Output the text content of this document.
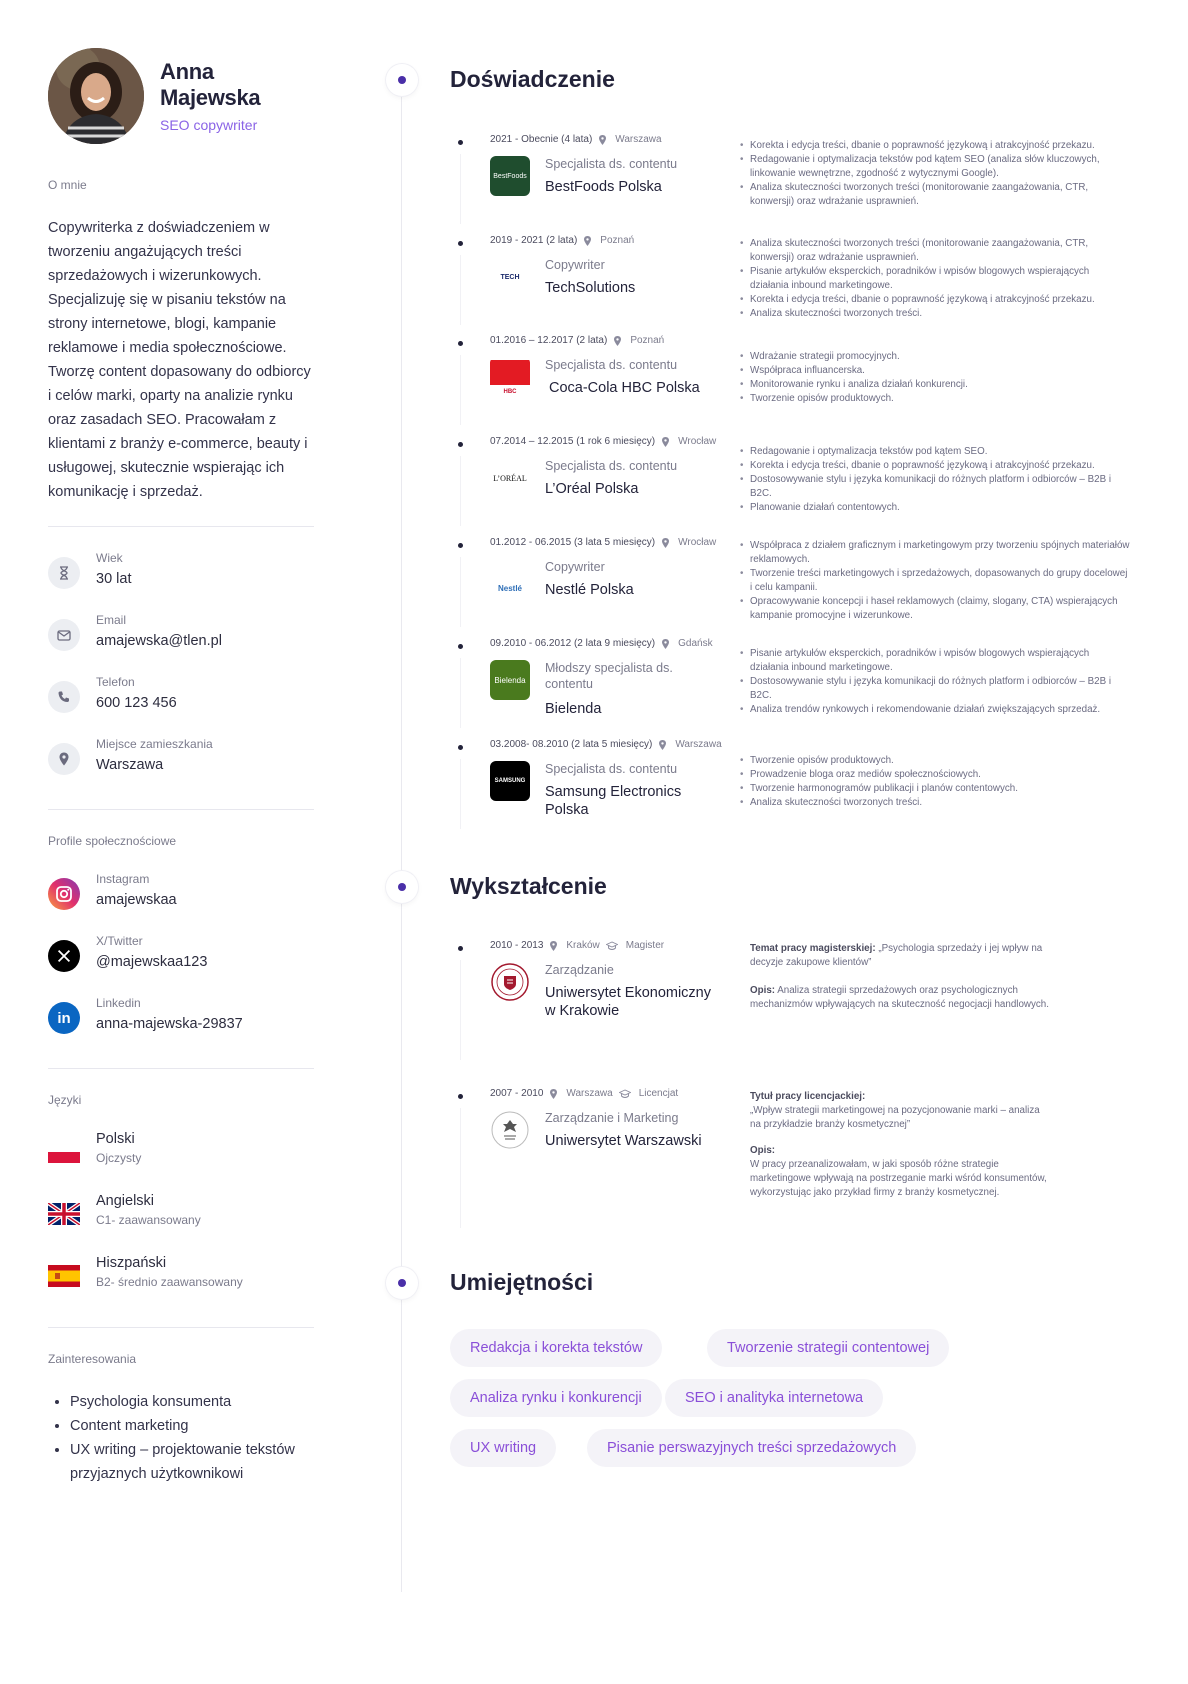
Anna Majewska
SEO copywriter
O mnie

Copywriterka z doświadczeniem w tworzeniu angażujących treści sprzedażowych i wizerunkowych. Specjalizuję się w pisaniu tekstów na strony internetowe, blogi, kampanie reklamowe i media społecznościowe. Tworzę content dopasowany do odbiorcy i celów marki, oparty na analizie rynku oraz zasadach SEO. Pracowałam z klientami z branży e-commerce, beauty i usługowej, skutecznie wspierając ich komunikację i sprzedaż.

Wiek
30 lat
Email
amajewska@tlen.pl
Telefon
600 123 456
Miejsce zamieszkania
Warszawa
Profile społecznościowe
Instagram
amajewskaa
X/Twitter
@majewskaa123
in
Linkedin
anna-majewska-29837
Języki
Polski
Ojczysty
Angielski
C1- zaawansowany
Hiszpański
B2- średnio zaawansowany
Zainteresowania
• Psychologia konsumenta
• Content marketing
• UX writing – projektowanie tekstów przyjaznych użytkownikowi
Doświadczenie
2021 - Obecnie (4 lata) Warszawa
BestFoods
Specjalista ds. contentu
BestFoods Polska
• Korekta i edycja treści, dbanie o poprawność językową i atrakcyjność przekazu.
• Redagowanie i optymalizacja tekstów pod kątem SEO (analiza słów kluczowych, linkowanie wewnętrzne, zgodność z wytycznymi Google).
• Analiza skuteczności tworzonych treści (monitorowanie zaangażowania, CTR, konwersji) oraz wdrażanie usprawnień.
2019 - 2021 (2 lata) Poznań
TECH
Copywriter
TechSolutions
• Analiza skuteczności tworzonych treści (monitorowanie zaangażowania, CTR, konwersji) oraz wdrażanie usprawnień.
• Pisanie artykułów eksperckich, poradników i wpisów blogowych wspierających działania inbound marketingowe.
• Korekta i edycja treści, dbanie o poprawność językową i atrakcyjność przekazu.
• Analiza skuteczności tworzonych treści.
01.2016 – 12.2017 (2 lata) Poznań
HBC
Specjalista ds. contentu
Coca-Cola HBC Polska
• Wdrażanie strategii promocyjnych.
• Współpraca influancerska.
• Monitorowanie rynku i analiza działań konkurencji.
• Tworzenie opisów produktowych.
07.2014 – 12.2015 (1 rok 6 miesięcy) Wrocław
L’ORÉAL
Specjalista ds. contentu
L’Oréal Polska
• Redagowanie i optymalizacja tekstów pod kątem SEO.
• Korekta i edycja treści, dbanie o poprawność językową i atrakcyjność przekazu.
• Dostosowywanie stylu i języka komunikacji do różnych platform i odbiorców – B2B i B2C.
• Planowanie działań contentowych.
01.2012 - 06.2015 (3 lata 5 miesięcy) Wrocław
Nestlé
Copywriter
Nestlé Polska
• Współpraca z działem graficznym i marketingowym przy tworzeniu spójnych materiałów reklamowych.
• Tworzenie treści marketingowych i sprzedażowych, dopasowanych do grupy docelowej i celu kampanii.
• Opracowywanie koncepcji i haseł reklamowych (claimy, slogany, CTA) wspierających kampanie promocyjne i wizerunkowe.
09.2010 - 06.2012 (2 lata 9 miesięcy) Gdańsk
Bielenda
Młodszy specjalista ds. contentu
Bielenda
• Pisanie artykułów eksperckich, poradników i wpisów blogowych wspierających działania inbound marketingowe.
• Dostosowywanie stylu i języka komunikacji do różnych platform i odbiorców – B2B i B2C.
• Analiza trendów rynkowych i rekomendowanie działań zwiększających sprzedaż.
03.2008- 08.2010 (2 lata 5 miesięcy) Warszawa
SAMSUNG
Specjalista ds. contentu
Samsung Electronics Polska
• Tworzenie opisów produktowych.
• Prowadzenie bloga oraz mediów społecznościowych.
• Tworzenie harmonogramów publikacji i planów contentowych.
• Analiza skuteczności tworzonych treści.
Wykształcenie
2010 - 2013 Kraków	Magister
Zarządzanie
Uniwersytet Ekonomiczny w Krakowie
Temat pracy magisterskiej: „Psychologia sprzedaży i jej wpływ na decyzje zakupowe klientów”
Opis: Analiza strategii sprzedażowych oraz psychologicznych mechanizmów wpływających na skuteczność negocjacji handlowych.
2007 - 2010 Warszawa	Licencjat
Zarządzanie i Marketing
Uniwersytet Warszawski
Tytuł pracy licencjackiej:
„Wpływ strategii marketingowej na pozycjonowanie marki – analiza na przykładzie branży kosmetycznej”
Opis:
W pracy przeanalizowałam, w jaki sposób różne strategie marketingowe wpływają na postrzeganie marki wśród konsumentów, wykorzystując jako przykład firmy z branży kosmetycznej.
Umiejętności
Redakcja i korekta tekstów	Tworzenie strategii contentowej
Analiza rynku i konkurencji	SEO i analityka internetowa
UX writing	Pisanie perswazyjnych treści sprzedażowych
